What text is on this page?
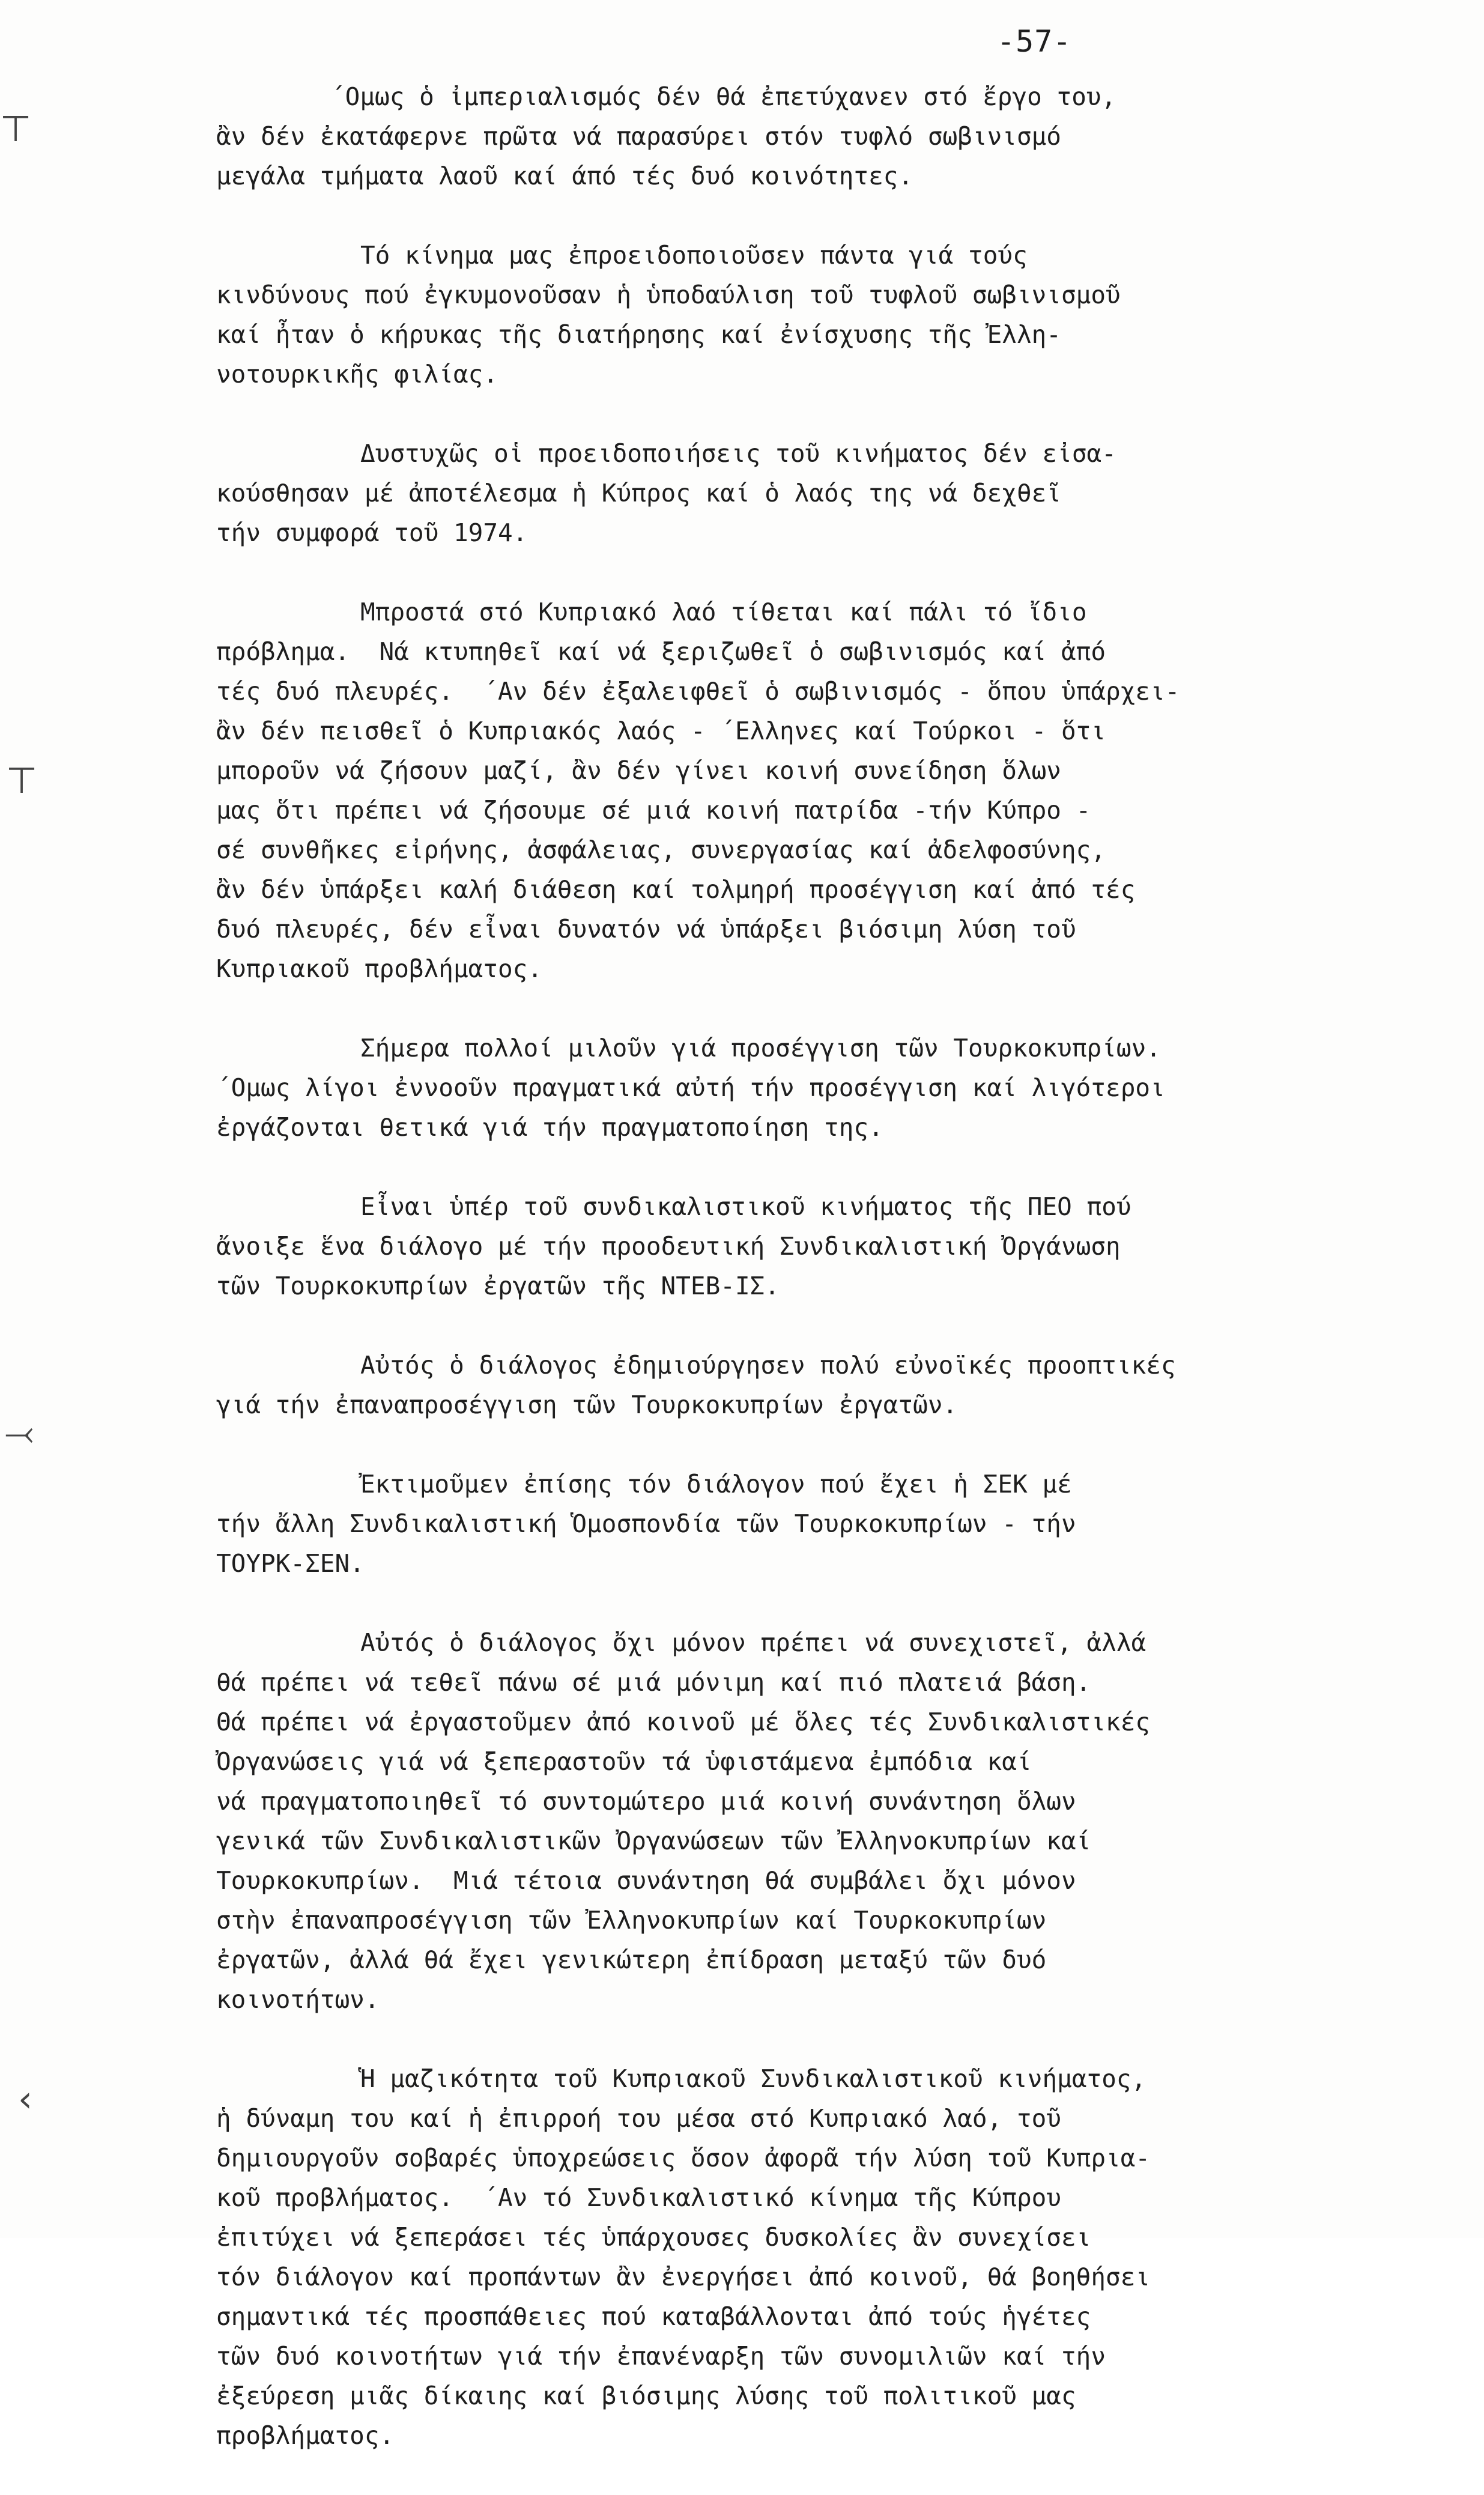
-57-
´Ομως ὁ ἰμπεριαλισμός δέν θά ἐπετύχανεν στό ἔργο του,
ἂν δέν ἐκατάφερνε πρῶτα νά παρασύρει στόν τυφλό σωβινισμό
μεγάλα τμήματα λαοῦ καί άπό τές δυό κοινότητες.
Τό κίνημα μας ἐπροειδοποιοῦσεν πάντα γιά τούς
κινδύνους πού ἐγκυμονοῦσαν ἡ ὑποδαύλιση τοῦ τυφλοῦ σωβινισμοῦ
καί ἦταν ὁ κήρυκας τῆς διατήρησης καί ἐνίσχυσης τῆς Ἐλλη-
νοτουρκικῆς φιλίας.
Δυστυχῶς οἱ προειδοποιήσεις τοῦ κινήματος δέν εἰσα-
κούσθησαν μέ ἀποτέλεσμα ἡ Κύπρος καί ὁ λαός της νά δεχθεῖ
τήν συμφορά τοῦ 1974.
Μπροστά στό Κυπριακό λαό τίθεται καί πάλι τό ἴδιο
πρόβλημα.  Νά κτυπηθεῖ καί νά ξεριζωθεῖ ὁ σωβινισμός καί ἀπό
τές δυό πλευρές.  ´Αν δέν ἐξαλειφθεῖ ὁ σωβινισμός - ὅπου ὑπάρχει-
ἂν δέν πεισθεῖ ὁ Κυπριακός λαός - ´Ελληνες καί Τούρκοι - ὅτι
μποροῦν νά ζήσουν μαζί, ἂν δέν γίνει κοινή συνείδηση ὅλων
μας ὅτι πρέπει νά ζήσουμε σέ μιά κοινή πατρίδα -τήν Κύπρο -
σέ συνθῆκες εἰρήνης, ἀσφάλειας, συνεργασίας καί ἀδελφοσύνης,
ἂν δέν ὑπάρξει καλή διάθεση καί τολμηρή προσέγγιση καί ἀπό τές
δυό πλευρές, δέν εἶναι δυνατόν νά ὑπάρξει βιόσιμη λύση τοῦ
Κυπριακοῦ προβλήματος.
Σήμερα πολλοί μιλοῦν γιά προσέγγιση τῶν Τουρκοκυπρίων.
´Ομως λίγοι ἐννοοῦν πραγματικά αὐτή τήν προσέγγιση καί λιγότεροι
ἐργάζονται θετικά γιά τήν πραγματοποίηση της.
Εἶναι ὑπέρ τοῦ συνδικαλιστικοῦ κινήματος τῆς ΠΕΟ πού
ἄνοιξε ἕνα διάλογο μέ τήν προοδευτική Συνδικαλιστική Ὀργάνωση
τῶν Τουρκοκυπρίων ἐργατῶν τῆς ΝΤΕΒ-ΙΣ.
Αὐτός ὁ διάλογος ἐδημιούργησεν πολύ εὐνοϊκές προοπτικές
γιά τήν ἐπαναπροσέγγιση τῶν Τουρκοκυπρίων ἐργατῶν.
Ἐκτιμοῦμεν ἐπίσης τόν διάλογον πού ἔχει ἡ ΣΕΚ μέ
τήν ἄλλη Συνδικαλιστική Ὁμοσπονδία τῶν Τουρκοκυπρίων - τήν
ΤΟΥΡΚ-ΣΕΝ.
Αὐτός ὁ διάλογος ὄχι μόνον πρέπει νά συνεχιστεῖ, ἀλλά
θά πρέπει νά τεθεῖ πάνω σέ μιά μόνιμη καί πιό πλατειά βάση.
Θά πρέπει νά ἐργαστοῦμεν ἀπό κοινοῦ μέ ὅλες τές Συνδικαλιστικές
Ὀργανώσεις γιά νά ξεπεραστοῦν τά ὑφιστάμενα ἐμπόδια καί
νά πραγματοποιηθεῖ τό συντομώτερο μιά κοινή συνάντηση ὅλων
γενικά τῶν Συνδικαλιστικῶν Ὀργανώσεων τῶν Ἐλληνοκυπρίων καί
Τουρκοκυπρίων.  Μιά τέτοια συνάντηση θά συμβάλει ὄχι μόνον
στὴν ἐπαναπροσέγγιση τῶν Ἐλληνοκυπρίων καί Τουρκοκυπρίων
ἐργατῶν, ἀλλά θά ἔχει γενικώτερη ἐπίδραση μεταξύ τῶν δυό
κοινοτήτων.
Ἡ μαζικότητα τοῦ Κυπριακοῦ Συνδικαλιστικοῦ κινήματος,
ἡ δύναμη του καί ἡ ἐπιρροή του μέσα στό Κυπριακό λαό, τοῦ
δημιουργοῦν σοβαρές ὑποχρεώσεις ὅσον ἀφορᾶ τήν λύση τοῦ Κυπρια-
κοῦ προβλήματος.  ´Αν τό Συνδικαλιστικό κίνημα τῆς Κύπρου
ἐπιτύχει νά ξεπεράσει τές ὑπάρχουσες δυσκολίες ἂν συνεχίσει
τόν διάλογον καί προπάντων ἂν ἐνεργήσει ἀπό κοινοῦ, θά βοηθήσει
σημαντικά τές προσπάθειες πού καταβάλλονται ἀπό τούς ἡγέτες
τῶν δυό κοινοτήτων γιά τήν ἐπανέναρξη τῶν συνομιλιῶν καί τήν
ἐξεύρεση μιᾶς δίκαιης καί βιόσιμης λύσης τοῦ πολιτικοῦ μας
προβλήματος.
⊤
⊤
⤙
‹
